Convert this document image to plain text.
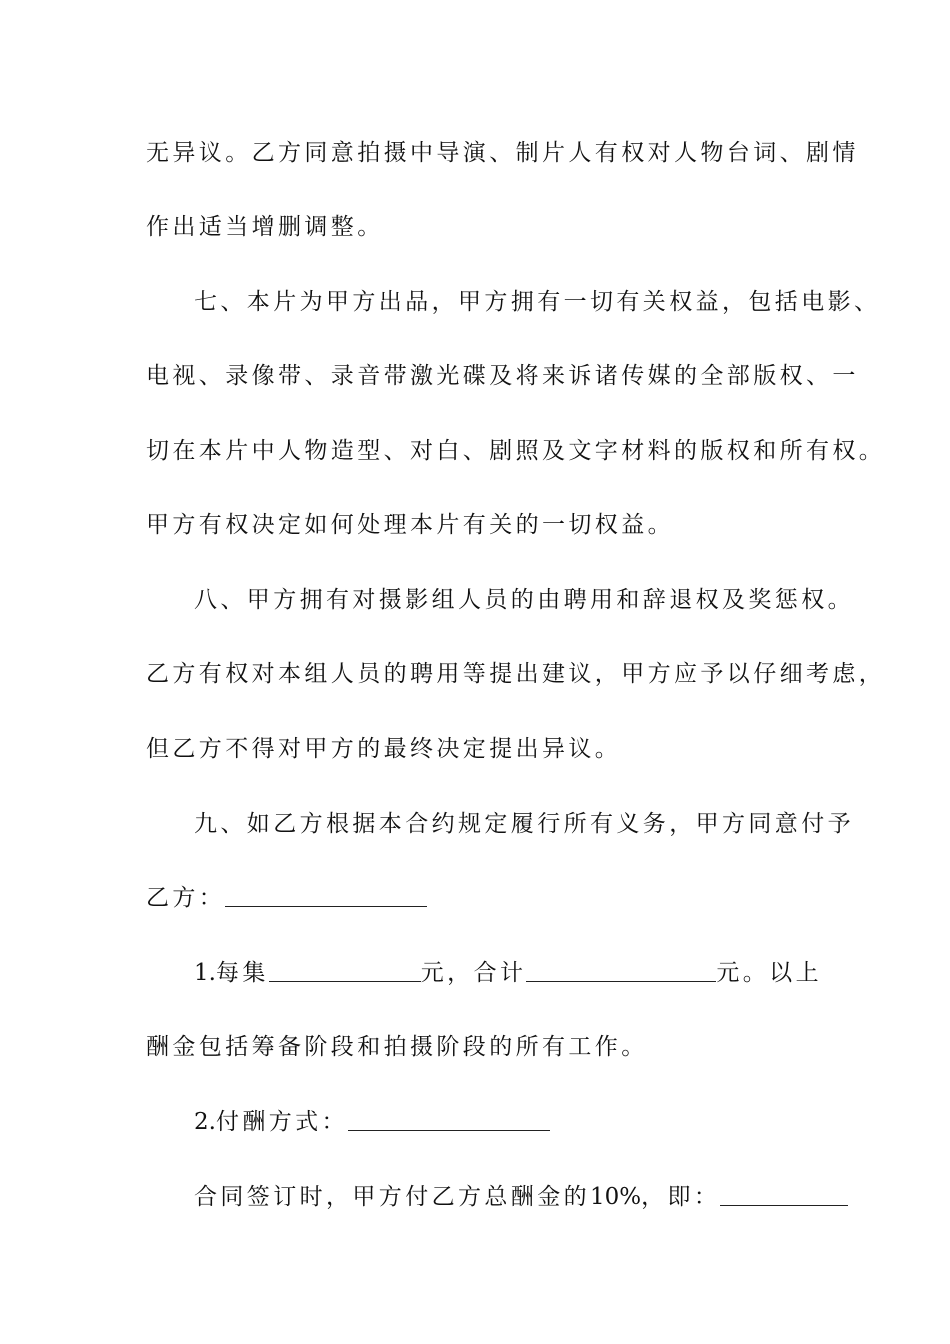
无异议。乙方同意拍摄中导演、制片人有权对人物台词、剧情
作出适当增删调整。
七、本片为甲方出品，甲方拥有一切有关权益，包括电影、
电视、录像带、录音带激光碟及将来诉诸传媒的全部版权、一
切在本片中人物造型、对白、剧照及文字材料的版权和所有权。
甲方有权决定如何处理本片有关的一切权益。
八、甲方拥有对摄影组人员的由聘用和辞退权及奖惩权。
乙方有权对本组人员的聘用等提出建议，甲方应予以仔细考虑，
但乙方不得对甲方的最终决定提出异议。
九、如乙方根据本合约规定履行所有义务，甲方同意付予
乙方：
1.每集	元，合计	元。以上
酬金包括筹备阶段和拍摄阶段的所有工作。
2.付酬方式：
合同签订时，甲方付乙方总酬金的10%，即：
